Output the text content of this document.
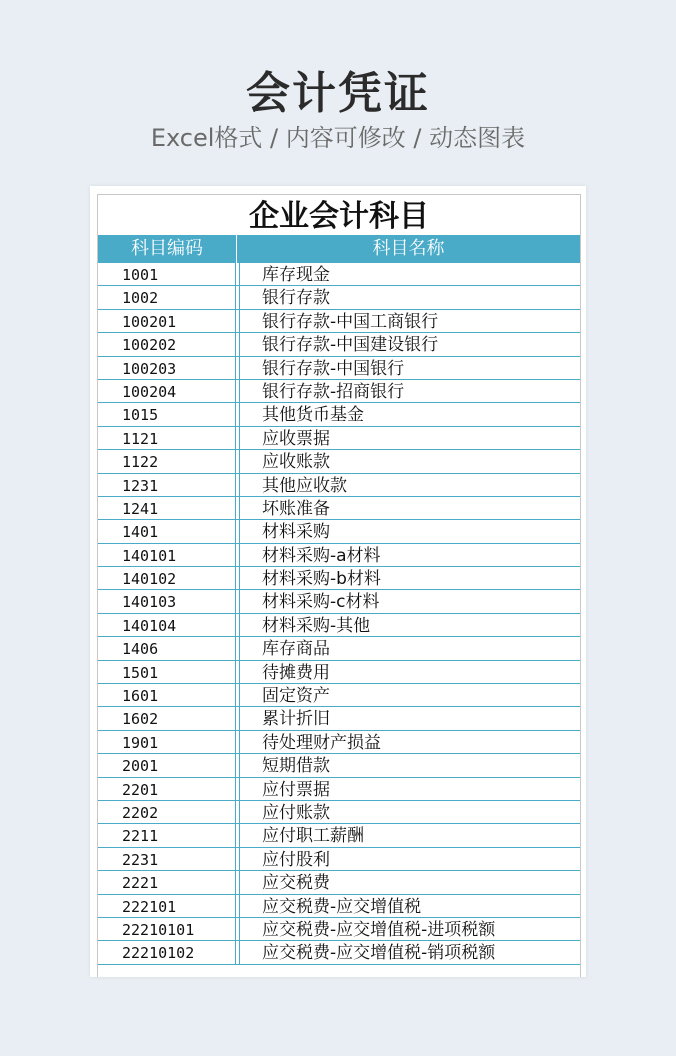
会计凭证
Excel格式 / 内容可修改 / 动态图表
企业会计科目
科目编码	科目名称
1001	库存现金
1002	银行存款
100201	银行存款-中国工商银行
100202	银行存款-中国建设银行
100203	银行存款-中国银行
100204	银行存款-招商银行
1015	其他货币基金
1121	应收票据
1122	应收账款
1231	其他应收款
1241	坏账准备
1401	材料采购
140101	材料采购-a材料
140102	材料采购-b材料
140103	材料采购-c材料
140104	材料采购-其他
1406	库存商品
1501	待摊费用
1601	固定资产
1602	累计折旧
1901	待处理财产损益
2001	短期借款
2201	应付票据
2202	应付账款
2211	应付职工薪酬
2231	应付股利
2221	应交税费
222101	应交税费-应交增值税
22210101	应交税费-应交增值税-进项税额
22210102	应交税费-应交增值税-销项税额
